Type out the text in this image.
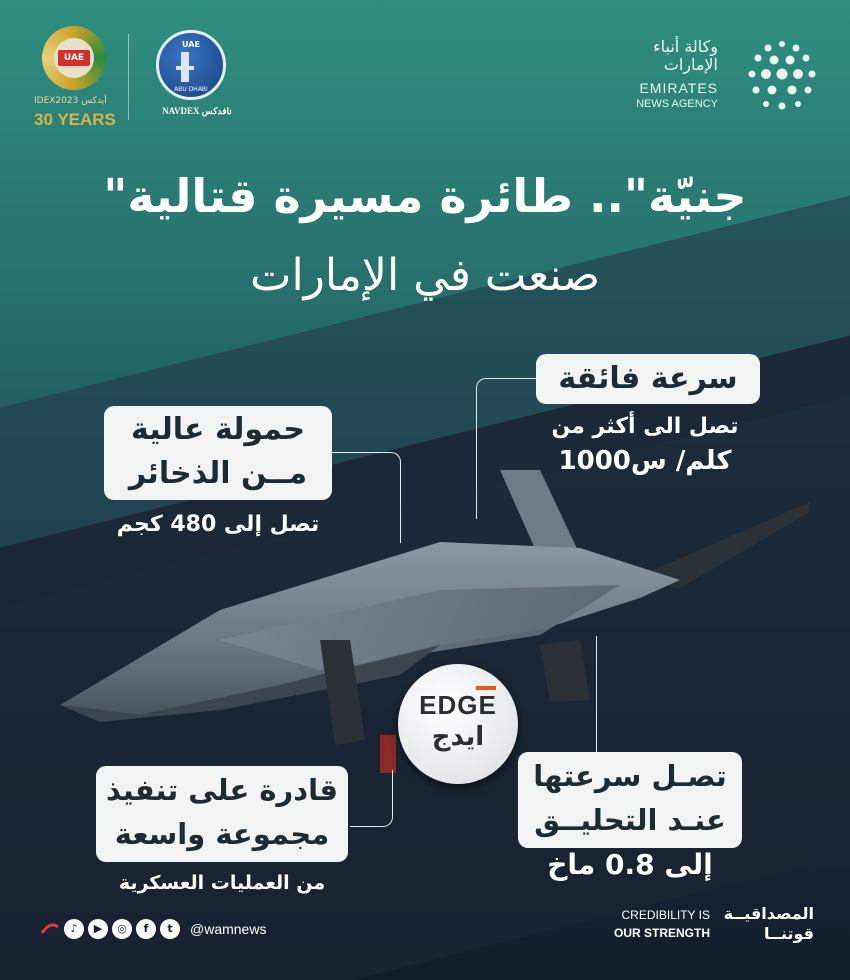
UAE
IDEX2023 آيدكس
30 YEARS
UAE
ABU DHABI
NAVDEX نافدكس
وكالة أنباء
الإمارات
EMIRATES
NEWS AGENCY
"جنيّة".. طائرة مسيرة قتالية
صنعت في الإمارات
سرعة فائقة
تصل الى أكثر من
1000كلم/ س
حمولة عالية
مــن الذخائر
تصل إلى 480 كجم
EDGE
ايدج
قادرة على تنفيذ
مجموعة واسعة
من العمليات العسكرية
تصـل سرعتها
عنـد التحليــق
إلى 0.8 ماخ
♪	▶	◎	f	t	@wamnews
CREDIBILITY IS
OUR STRENGTH
المصداقيــة
قوتنــا
